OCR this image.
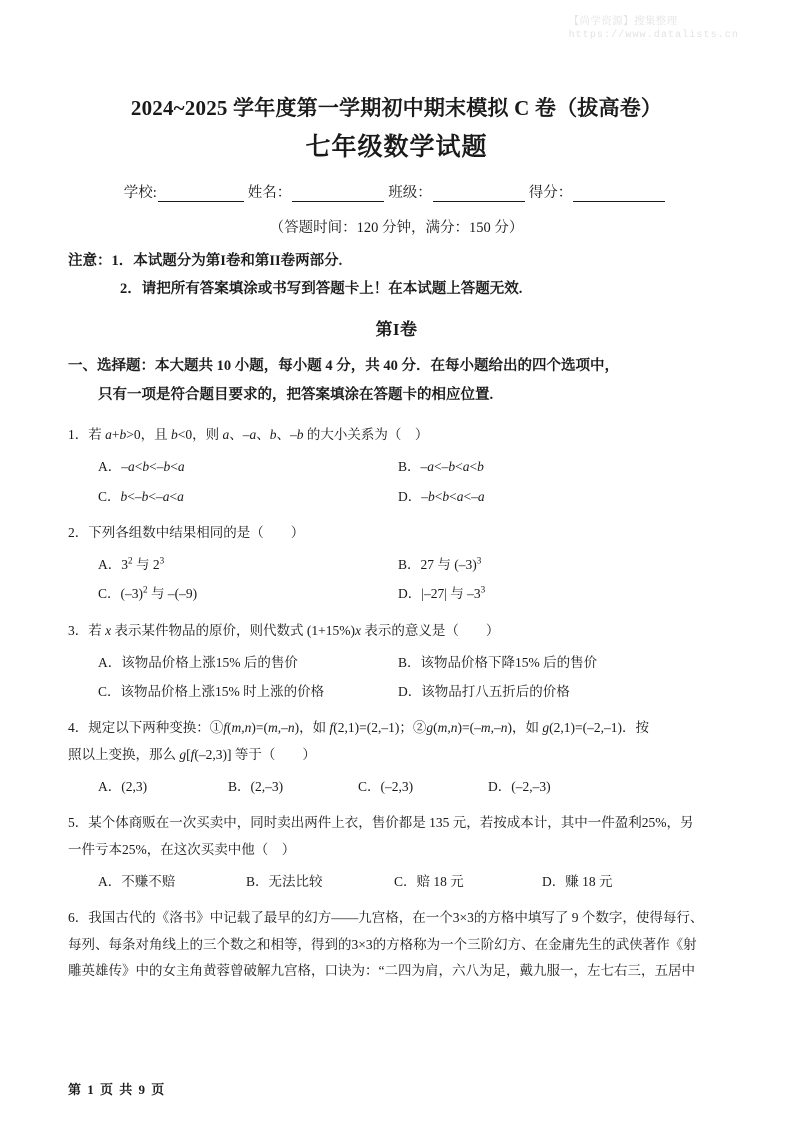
【尚学资源】搜集整理
https://www.datalists.cn
2024~2025 学年度第一学期初中期末模拟 C 卷（拔高卷）
七年级数学试题
学校:	姓名：	班级：	得分：
（答题时间：120 分钟，满分：150 分）
注意：1．本试题分为第I卷和第II卷两部分.
2．请把所有答案填涂或书写到答题卡上！在本试题上答题无效.
第I卷
一、选择题：本大题共 10 小题，每小题 4 分，共 40 分．在每小题给出的四个选项中，
只有一项是符合题目要求的，把答案填涂在答题卡的相应位置.
1．若 a+b>0，且 b<0，则 a、–a、b、–b 的大小关系为（　）
A．–a<b<–b<a	B．–a<–b<a<b
C．b<–b<–a<a	D．–b<b<a<–a
2．下列各组数中结果相同的是（　　）
A．$3^2$ 与 $2^3$	B．27 与 $(-3)^3$
C．$(-3)^2$ 与 –(–9)	D．|–27| 与 $-3^3$
3．若 x 表示某件物品的原价，则代数式 (1+15%)x 表示的意义是（　　）
A．该物品价格上涨15% 后的售价	B．该物品价格下降15% 后的售价
C．该物品价格上涨15% 时上涨的价格	D．该物品打八五折后的价格
4．规定以下两种变换：①f(m,n)=(m,–n)，如 f(2,1)=(2,–1)；②g(m,n)=(–m,–n)，如 g(2,1)=(–2,–1)．按
照以上变换，那么 g[f(–2,3)] 等于（　　）
A．(2,3)	B．(2,–3)	C．(–2,3)	D．(–2,–3)
5．某个体商贩在一次买卖中，同时卖出两件上衣，售价都是 135 元，若按成本计，其中一件盈利25%，另
一件亏本25%，在这次买卖中他（　）
A．不赚不赔	B．无法比较	C．赔 18 元	D．赚 18 元
6．我国古代的《洛书》中记载了最早的幻方——九宫格，在一个3×3的方格中填写了 9 个数字，使得每行、
每列、每条对角线上的三个数之和相等，得到的3×3的方格称为一个三阶幻方、在金庸先生的武侠著作《射
雕英雄传》中的女主角黄蓉曾破解九宫格，口诀为：“二四为肩，六八为足，戴九服一，左七右三，五居中
第 1 页 共 9 页
